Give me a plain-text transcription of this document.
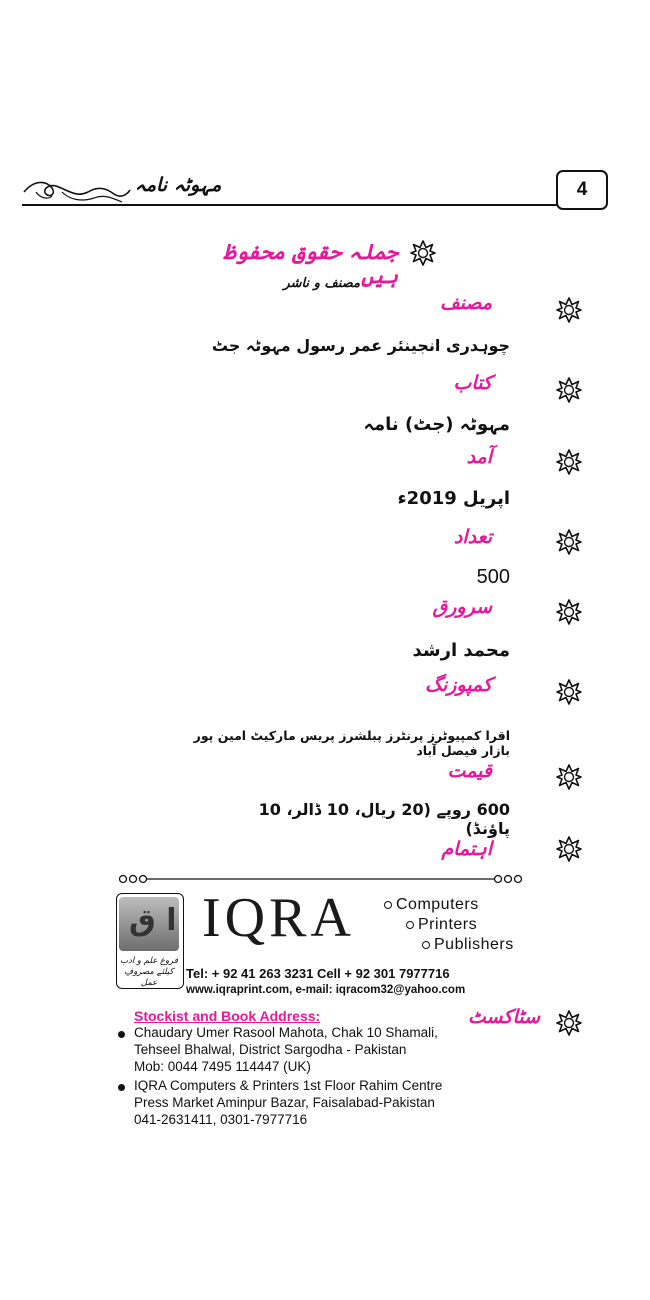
مہوٹہ نامہ	4
جملہ حقوق محفوظ ہیں
مصنف و ناشر
مصنف
چوہدری انجینئر عمر رسول مہوٹہ جٹ
کتاب
مہوٹہ (جٹ) نامہ
آمد
اپریل 2019ء
تعداد
500
سرورق
محمد ارشد
کمپوزنگ
اقرا کمپیوٹرز پرنٹرز پبلشرز پریس مارکیٹ امین پور بازار فیصل آباد
قیمت
600 روپے (20 ریال، 10 ڈالر، 10 پاؤنڈ)
اہتمام
ا ق
فروغ علم و ادب کیلئے مصروفِ عمل
IQRA	Computers
Printers
Publishers
Tel: + 92 41 263 3231 Cell + 92 301 7977716
www.iqraprint.com, e-mail: iqracom32@yahoo.com
سٹاکسٹ
Stockist and Book Address:
Chaudary Umer Rasool Mahota, Chak 10 Shamali,
Tehseel Bhalwal, District Sargodha - Pakistan
Mob: 0044 7495 114447 (UK)
IQRA Computers & Printers 1st Floor Rahim Centre
Press Market Aminpur Bazar, Faisalabad-Pakistan
041-2631411, 0301-7977716
